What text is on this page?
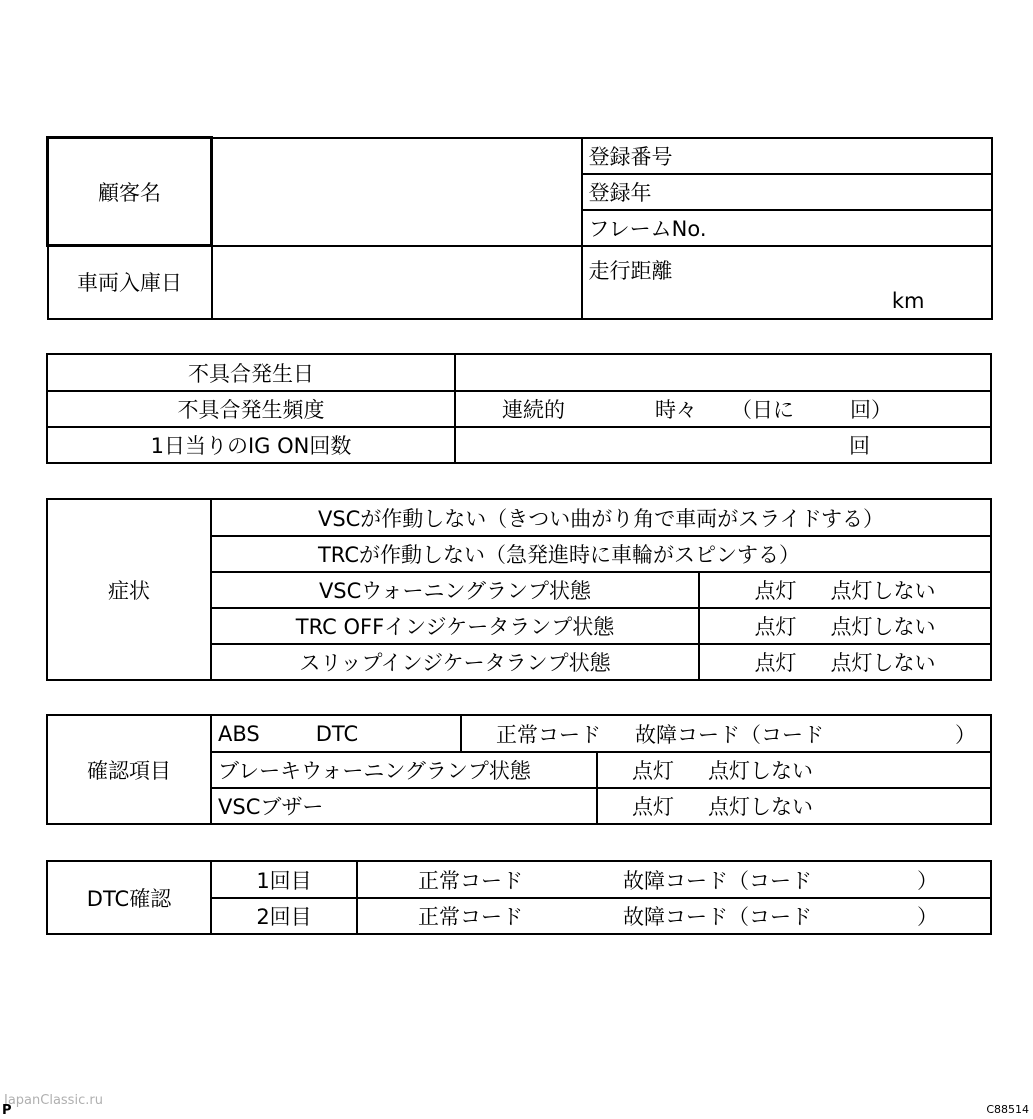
顧客名		登録番号
		登録年
		フレームNo.
車両入庫日		走行距離
km
不具合発生日	
不具合発生頻度	連続的 時々 （日に 回）
1日当りのIG ON回数	回
症状	VSCが作動しない（きつい曲がり角で車両がスライドする）	
	TRCが作動しない（急発進時に車輪がスピンする）	
	VSCウォーニングランプ状態	点灯 点灯しない
	TRC OFFインジケータランプ状態	点灯 点灯しない
	スリップインジケータランプ状態	点灯 点灯しない
確認項目	ABS DTC	正常コード 故障コード（コード ）	

	ブレーキウォーニングランプ状態		点灯 点灯しない
	VSCブザー		点灯 点灯しない
DTC確認	1回目	正常コード 故障コード（コード ）

	2回目	正常コード 故障コード（コード ）
JapanClassic.ru
P	C88514
